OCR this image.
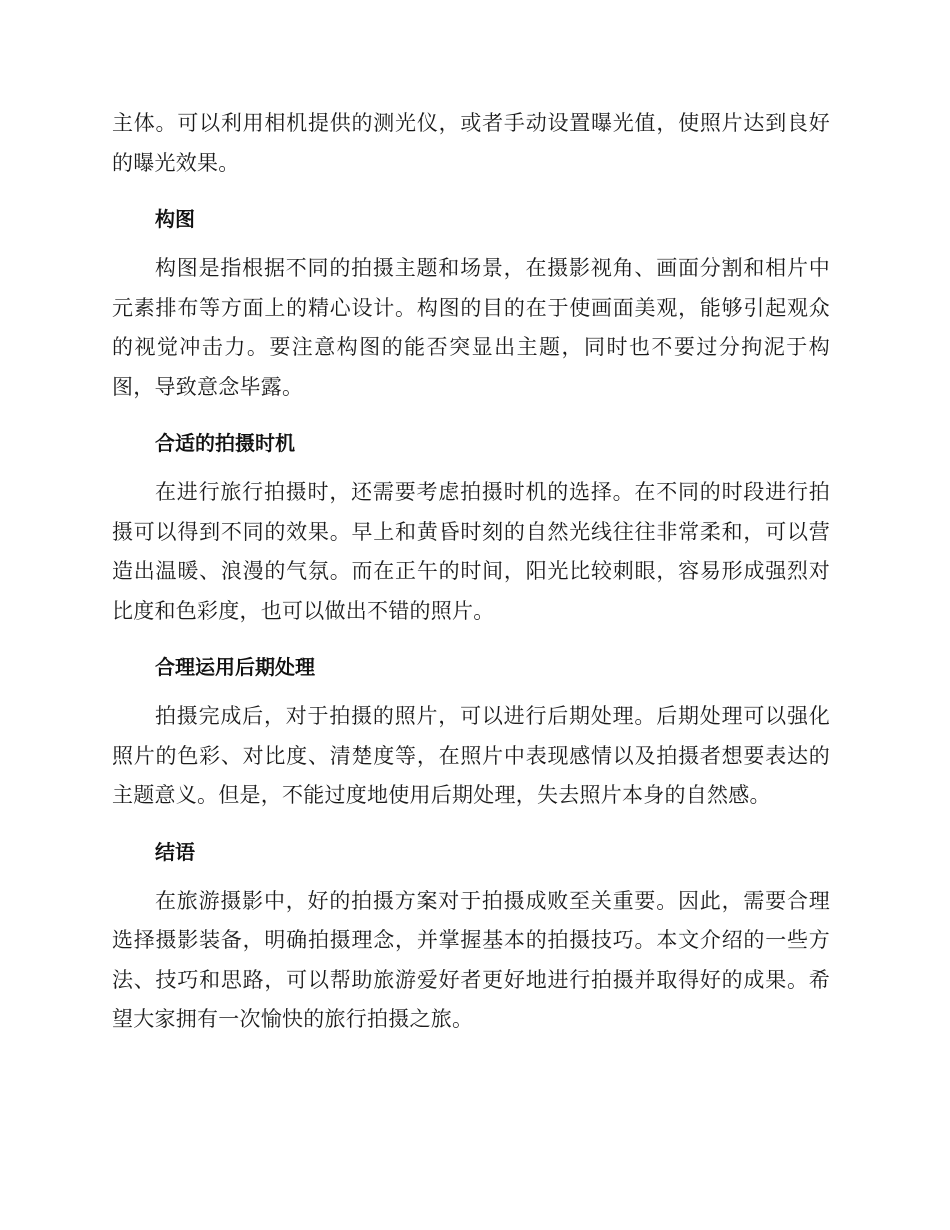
主体。可以利用相机提供的测光仪，或者手动设置曝光值，使照片达到良好的曝光效果。

构图

构图是指根据不同的拍摄主题和场景，在摄影视角、画面分割和相片中元素排布等方面上的精心设计。构图的目的在于使画面美观，能够引起观众的视觉冲击力。要注意构图的能否突显出主题，同时也不要过分拘泥于构图，导致意念毕露。

合适的拍摄时机

在进行旅行拍摄时，还需要考虑拍摄时机的选择。在不同的时段进行拍摄可以得到不同的效果。早上和黄昏时刻的自然光线往往非常柔和，可以营造出温暖、浪漫的气氛。而在正午的时间，阳光比较刺眼，容易形成强烈对比度和色彩度，也可以做出不错的照片。

合理运用后期处理

拍摄完成后，对于拍摄的照片，可以进行后期处理。后期处理可以强化照片的色彩、对比度、清楚度等，在照片中表现感情以及拍摄者想要表达的主题意义。但是，不能过度地使用后期处理，失去照片本身的自然感。

结语

在旅游摄影中，好的拍摄方案对于拍摄成败至关重要。因此，需要合理选择摄影装备，明确拍摄理念，并掌握基本的拍摄技巧。本文介绍的一些方法、技巧和思路，可以帮助旅游爱好者更好地进行拍摄并取得好的成果。希望大家拥有一次愉快的旅行拍摄之旅。
